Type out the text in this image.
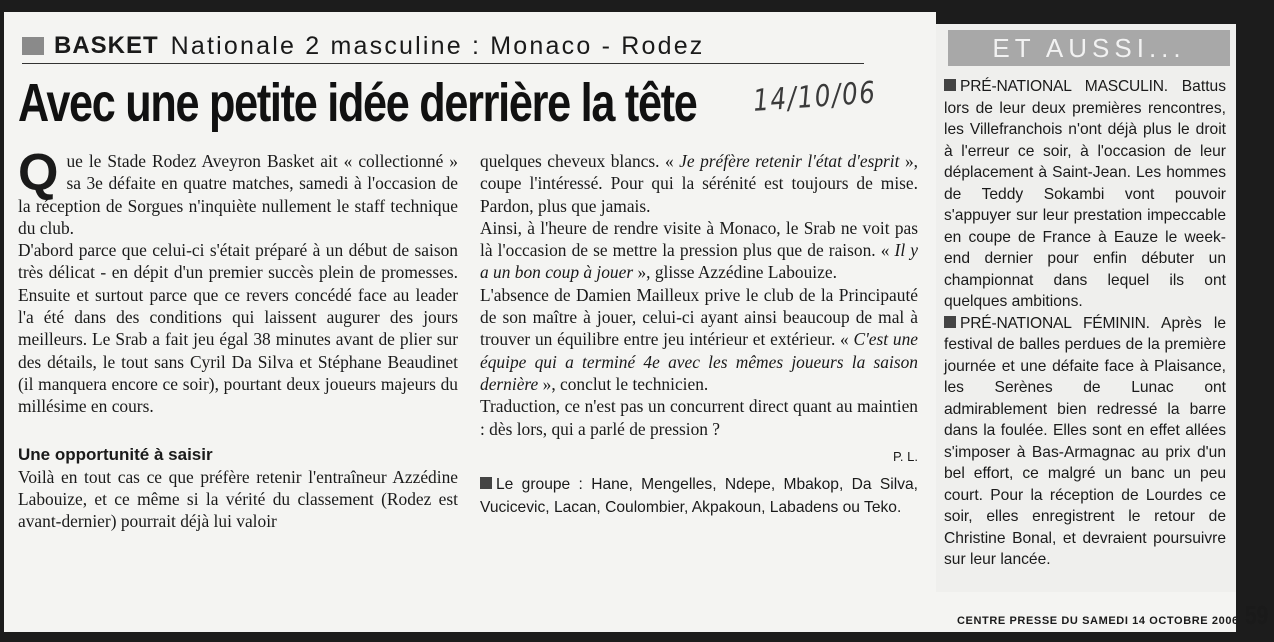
BASKET Nationale 2 masculine : Monaco - Rodez
Avec une petite idée derrière la tête 14/10/06

Que le Stade Rodez Aveyron Basket ait « collectionné » sa 3e défaite en quatre matches, samedi à l'occasion de la réception de Sorgues n'inquiète nullement le staff technique du club.

D'abord parce que celui-ci s'était préparé à un début de saison très délicat - en dépit d'un premier succès plein de promesses. Ensuite et surtout parce que ce revers concédé face au leader l'a été dans des conditions qui laissent augurer des jours meilleurs. Le Srab a fait jeu égal 38 minutes avant de plier sur des détails, le tout sans Cyril Da Silva et Stéphane Beaudinet (il manquera encore ce soir), pourtant deux joueurs majeurs du millésime en cours.

Une opportunité à saisir

Voilà en tout cas ce que préfère retenir l'entraîneur Azzédine Labouize, et ce même si la vérité du classement (Rodez est avant-dernier) pourrait déjà lui valoir

quelques cheveux blancs. « Je préfère retenir l'état d'esprit », coupe l'intéressé. Pour qui la sérénité est toujours de mise. Pardon, plus que jamais.

Ainsi, à l'heure de rendre visite à Monaco, le Srab ne voit pas là l'occasion de se mettre la pression plus que de raison. « Il y a un bon coup à jouer », glisse Azzédine Labouize.

L'absence de Damien Mailleux prive le club de la Principauté de son maître à jouer, celui-ci ayant ainsi beaucoup de mal à trouver un équilibre entre jeu intérieur et extérieur. « C'est une équipe qui a terminé 4e avec les mêmes joueurs la saison dernière », conclut le technicien.

Traduction, ce n'est pas un concurrent direct quant au maintien : dès lors, qui a parlé de pression ?

P. L.

Le groupe : Hane, Mengelles, Ndepe, Mbakop, Da Silva, Vucicevic, Lacan, Coulombier, Akpakoun, Labadens ou Teko.

ET AUSSI...

PRÉ-NATIONAL MASCULIN. Battus lors de leur deux premières rencontres, les Villefranchois n'ont déjà plus le droit à l'erreur ce soir, à l'occasion de leur déplacement à Saint-Jean. Les hommes de Teddy Sokambi vont pouvoir s'appuyer sur leur prestation impeccable en coupe de France à Eauze le week-end dernier pour enfin débuter un championnat dans lequel ils ont quelques ambitions.

PRÉ-NATIONAL FÉMININ. Après le festival de balles perdues de la première journée et une défaite face à Plaisance, les Serènes de Lunac ont admirablement bien redressé la barre dans la foulée. Elles sont en effet allées s'imposer à Bas-Armagnac au prix d'un bel effort, ce malgré un banc un peu court. Pour la réception de Lourdes ce soir, elles enregistrent le retour de Christine Bonal, et devraient poursuivre sur leur lancée.

CENTRE PRESSE DU SAMEDI 14 OCTOBRE 2006 59
